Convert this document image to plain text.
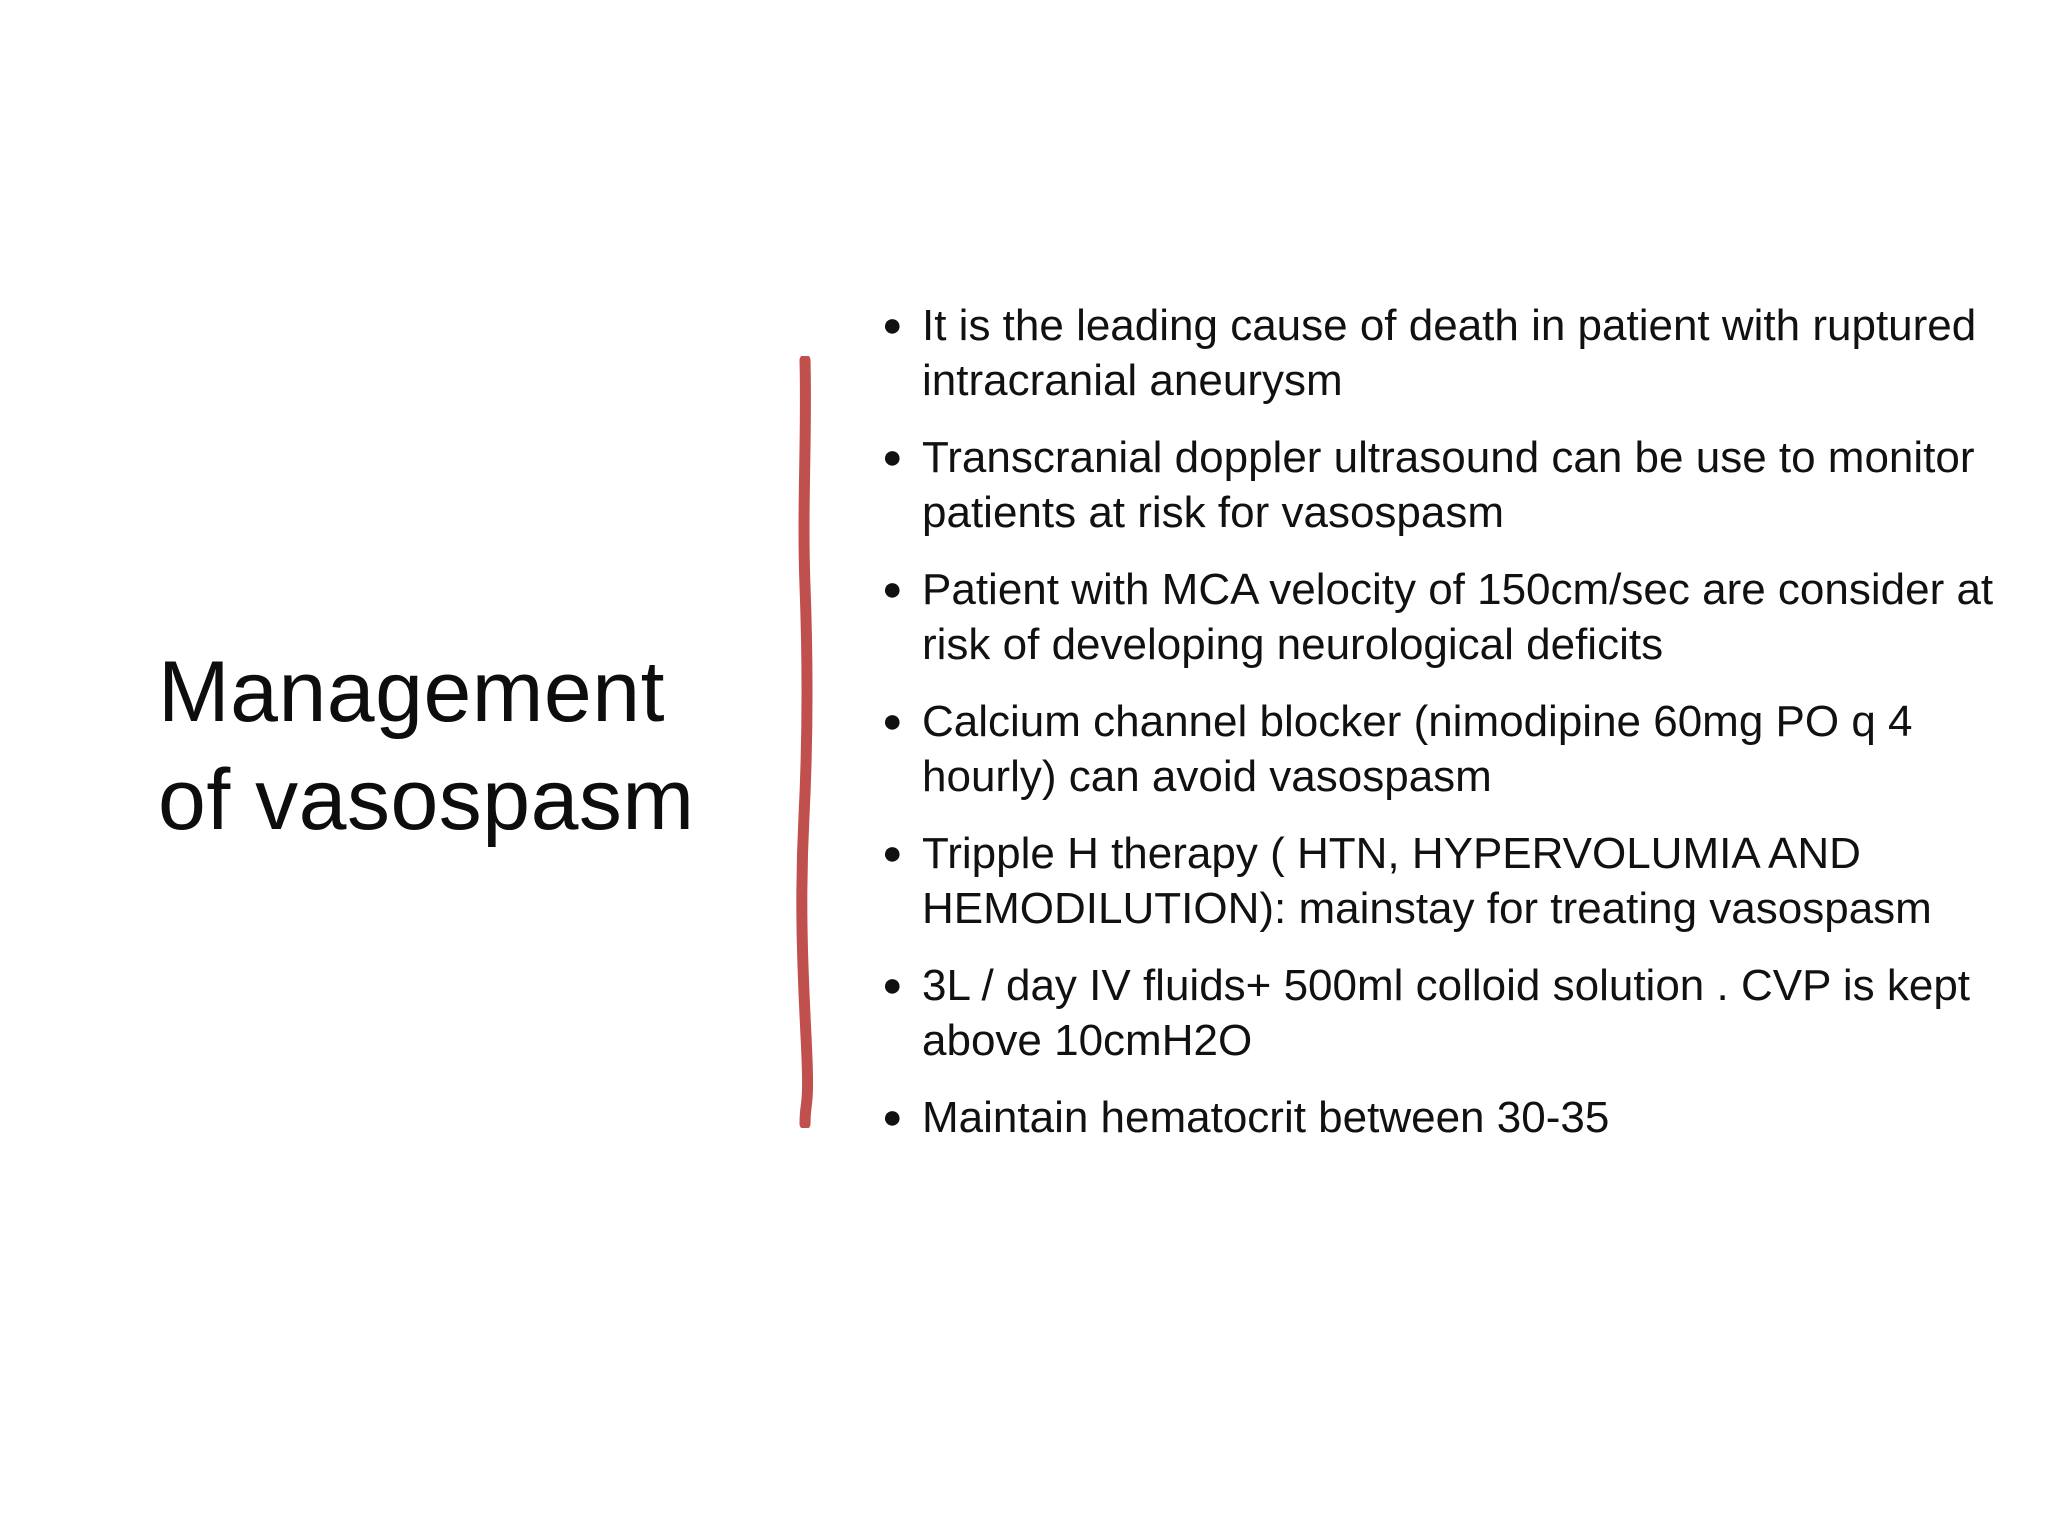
Management
of vasospasm
● It is the leading cause of death in patient with ruptured intracranial aneurysm
● Transcranial doppler ultrasound can be use to monitor patients at risk for vasospasm
● Patient with MCA velocity of 150cm/sec are consider at risk of developing neurological deficits
● Calcium channel blocker (nimodipine 60mg PO q 4 hourly) can avoid vasospasm
● Tripple H therapy ( HTN, HYPERVOLUMIA AND HEMODILUTION): mainstay for treating vasospasm
● 3L / day IV fluids+ 500ml colloid solution . CVP is kept above 10cmH2O
● Maintain hematocrit between 30-35
